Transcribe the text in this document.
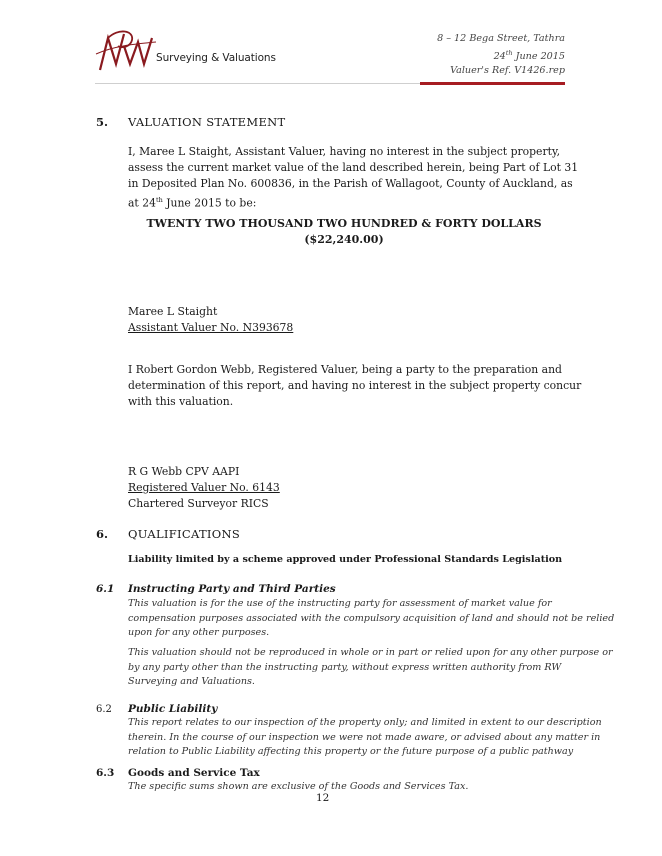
Surveying & Valuations
8 – 12 Bega Street, Tathra
24th June 2015
Valuer's Ref. V1426.rep
5. VALUATION STATEMENT
I, Maree L Staight, Assistant Valuer, having no interest in the subject property,
assess the current market value of the land described herein, being Part of Lot 31
in Deposited Plan No. 600836, in the Parish of Wallagoot, County of Auckland, as
at 24th June 2015 to be:
TWENTY TWO THOUSAND TWO HUNDRED & FORTY DOLLARS
($22,240.00)
Maree L Staight
Assistant Valuer No. N393678
I Robert Gordon Webb, Registered Valuer, being a party to the preparation and
determination of this report, and having no interest in the subject property concur
with this valuation.
R G Webb CPV AAPI
Registered Valuer No. 6143
Chartered Surveyor RICS
6. QUALIFICATIONS
Liability limited by a scheme approved under Professional Standards Legislation
6.1 Instructing Party and Third Parties
This valuation is for the use of the instructing party for assessment of market value for
compensation purposes associated with the compulsory acquisition of land and should not be relied
upon for any other purposes.
This valuation should not be reproduced in whole or in part or relied upon for any other purpose or
by any party other than the instructing party, without express written authority from RW
Surveying and Valuations.
6.2 Public Liability
This report relates to our inspection of the property only; and limited in extent to our description
therein. In the course of our inspection we were not made aware, or advised about any matter in
relation to Public Liability affecting this property or the future purpose of a public pathway
6.3 Goods and Service Tax
The specific sums shown are exclusive of the Goods and Services Tax.
12
